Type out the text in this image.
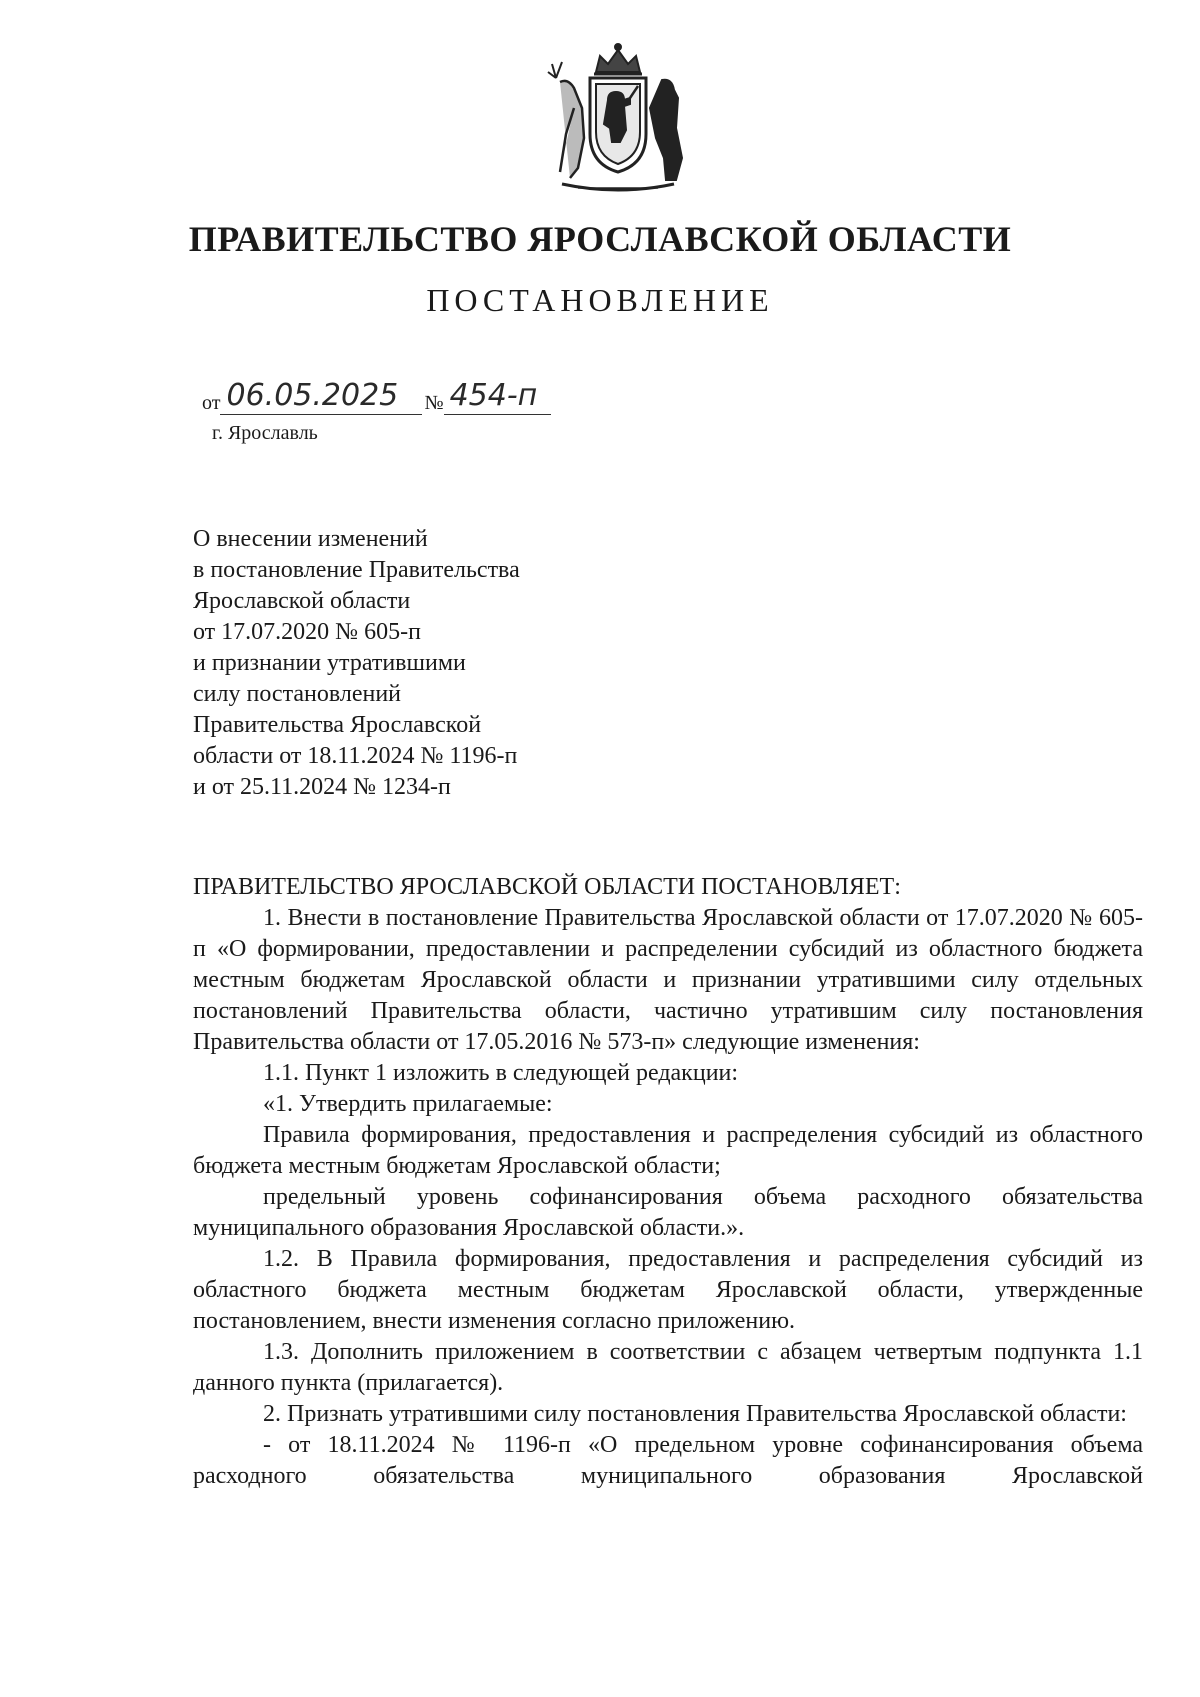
ПРАВИТЕЛЬСТВО ЯРОСЛАВСКОЙ ОБЛАСТИ
ПОСТАНОВЛЕНИЕ
от 06.05.2025 № 454-п
г. Ярославль
О внесении изменений
в постановление Правительства
Ярославской области
от 17.07.2020 № 605-п
и признании утратившими
силу постановлений
Правительства Ярославской
области от 18.11.2024 № 1196-п
и от 25.11.2024 № 1234-п

ПРАВИТЕЛЬСТВО ЯРОСЛАВСКОЙ ОБЛАСТИ ПОСТАНОВЛЯЕТ:

1. Внести в постановление Правительства Ярославской области от 17.07.2020 № 605-п «О формировании, предоставлении и распределении субсидий из областного бюджета местным бюджетам Ярославской области и признании утратившими силу отдельных постановлений Правительства области, частично утратившим силу постановления Правительства области от 17.05.2016 № 573-п» следующие изменения:

1.1. Пункт 1 изложить в следующей редакции:

«1. Утвердить прилагаемые:

Правила формирования, предоставления и распределения субсидий из областного бюджета местным бюджетам Ярославской области;

предельный уровень софинансирования объема расходного обязательства муниципального образования Ярославской области.».

1.2. В Правила формирования, предоставления и распределения субсидий из областного бюджета местным бюджетам Ярославской области, утвержденные постановлением, внести изменения согласно приложению.

1.3. Дополнить приложением в соответствии с абзацем четвертым подпункта 1.1 данного пункта (прилагается).

2. Признать утратившими силу постановления Правительства Ярославской области:

- от 18.11.2024 № 1196-п «О предельном уровне софинансирования объема расходного обязательства муниципального образования Ярославской
